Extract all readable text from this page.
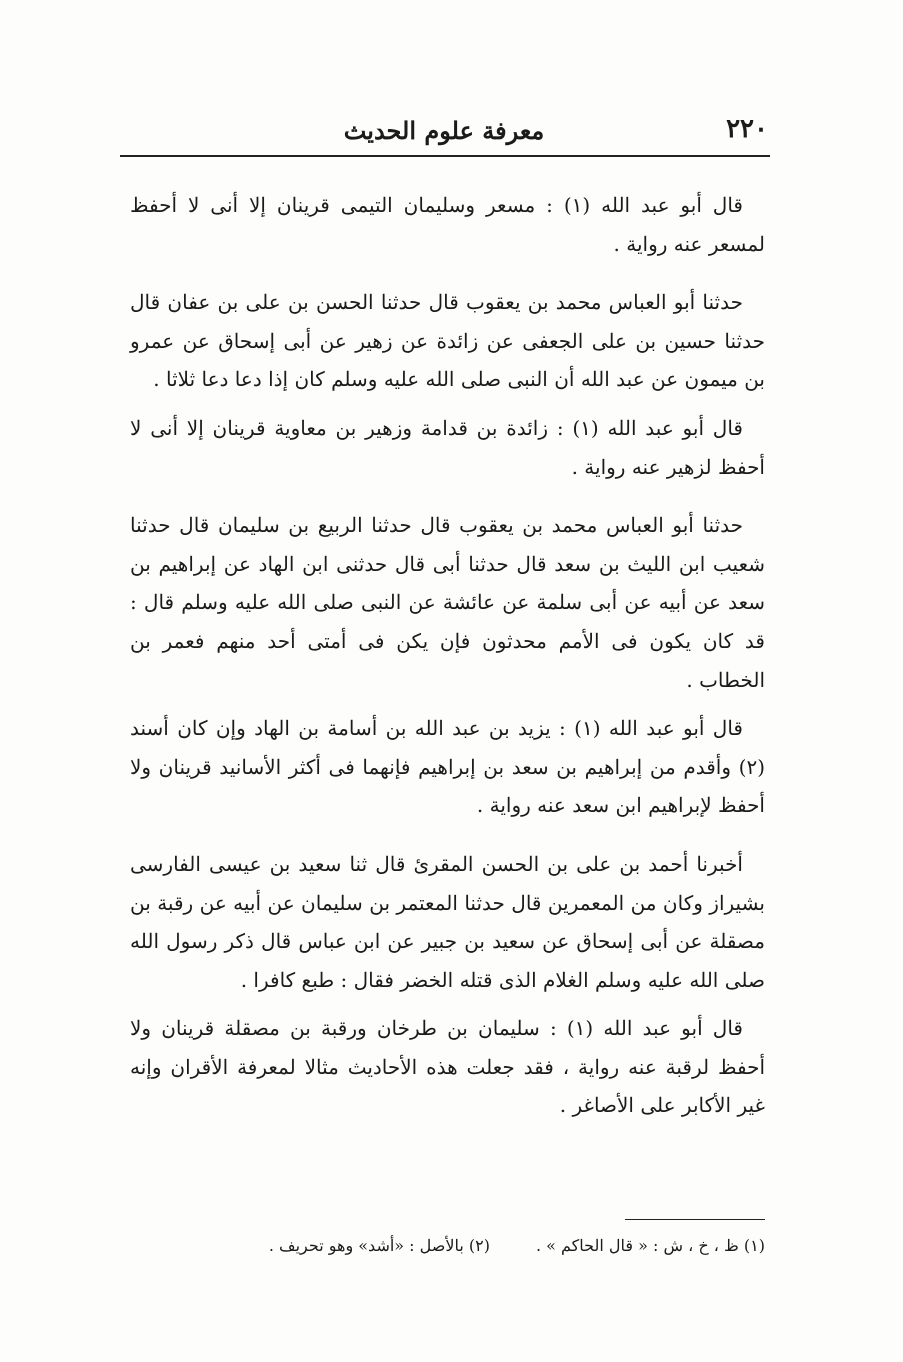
٢٢٠
معرفة علوم الحديث

قال أبو عبد الله (١) : مسعر وسليمان التيمى قرينان إلا أنى لا أحفظ لمسعر عنه رواية .

حدثنا أبو العباس محمد بن يعقوب قال حدثنا الحسن بن على بن عفان قال حدثنا حسين بن على الجعفى عن زائدة عن زهير عن أبى إسحاق عن عمرو بن ميمون عن عبد الله أن النبى صلى الله عليه وسلم كان إذا دعا دعا ثلاثا .

قال أبو عبد الله (١) : زائدة بن قدامة وزهير بن معاوية قرينان إلا أنى لا أحفظ لزهير عنه رواية .

حدثنا أبو العباس محمد بن يعقوب قال حدثنا الربيع بن سليمان قال حدثنا شعيب ابن الليث بن سعد قال حدثنا أبى قال حدثنى ابن الهاد عن إبراهيم بن سعد عن أبيه عن أبى سلمة عن عائشة عن النبى صلى الله عليه وسلم قال : قد كان يكون فى الأمم محدثون فإن يكن فى أمتى أحد منهم فعمر بن الخطاب .

قال أبو عبد الله (١) : يزيد بن عبد الله بن أسامة بن الهاد وإن كان أسند (٢) وأقدم من إبراهيم بن سعد بن إبراهيم فإنهما فى أكثر الأسانيد قرينان ولا أحفظ لإبراهيم ابن سعد عنه رواية .

أخبرنا أحمد بن على بن الحسن المقرئ قال ثنا سعيد بن عيسى الفارسى بشيراز وكان من المعمرين قال حدثنا المعتمر بن سليمان عن أبيه عن رقبة بن مصقلة عن أبى إسحاق عن سعيد بن جبير عن ابن عباس قال ذكر رسول الله صلى الله عليه وسلم الغلام الذى قتله الخضر فقال : طبع كافرا .

قال أبو عبد الله (١) : سليمان بن طرخان ورقبة بن مصقلة قرينان ولا أحفظ لرقبة عنه رواية ، فقد جعلت هذه الأحاديث مثالا لمعرفة الأقران وإنه غير الأكابر على الأصاغر .

(١) ظ ، خ ، ش : « قال الحاكم » .
(٢) بالأصل : «أشد» وهو تحريف .
